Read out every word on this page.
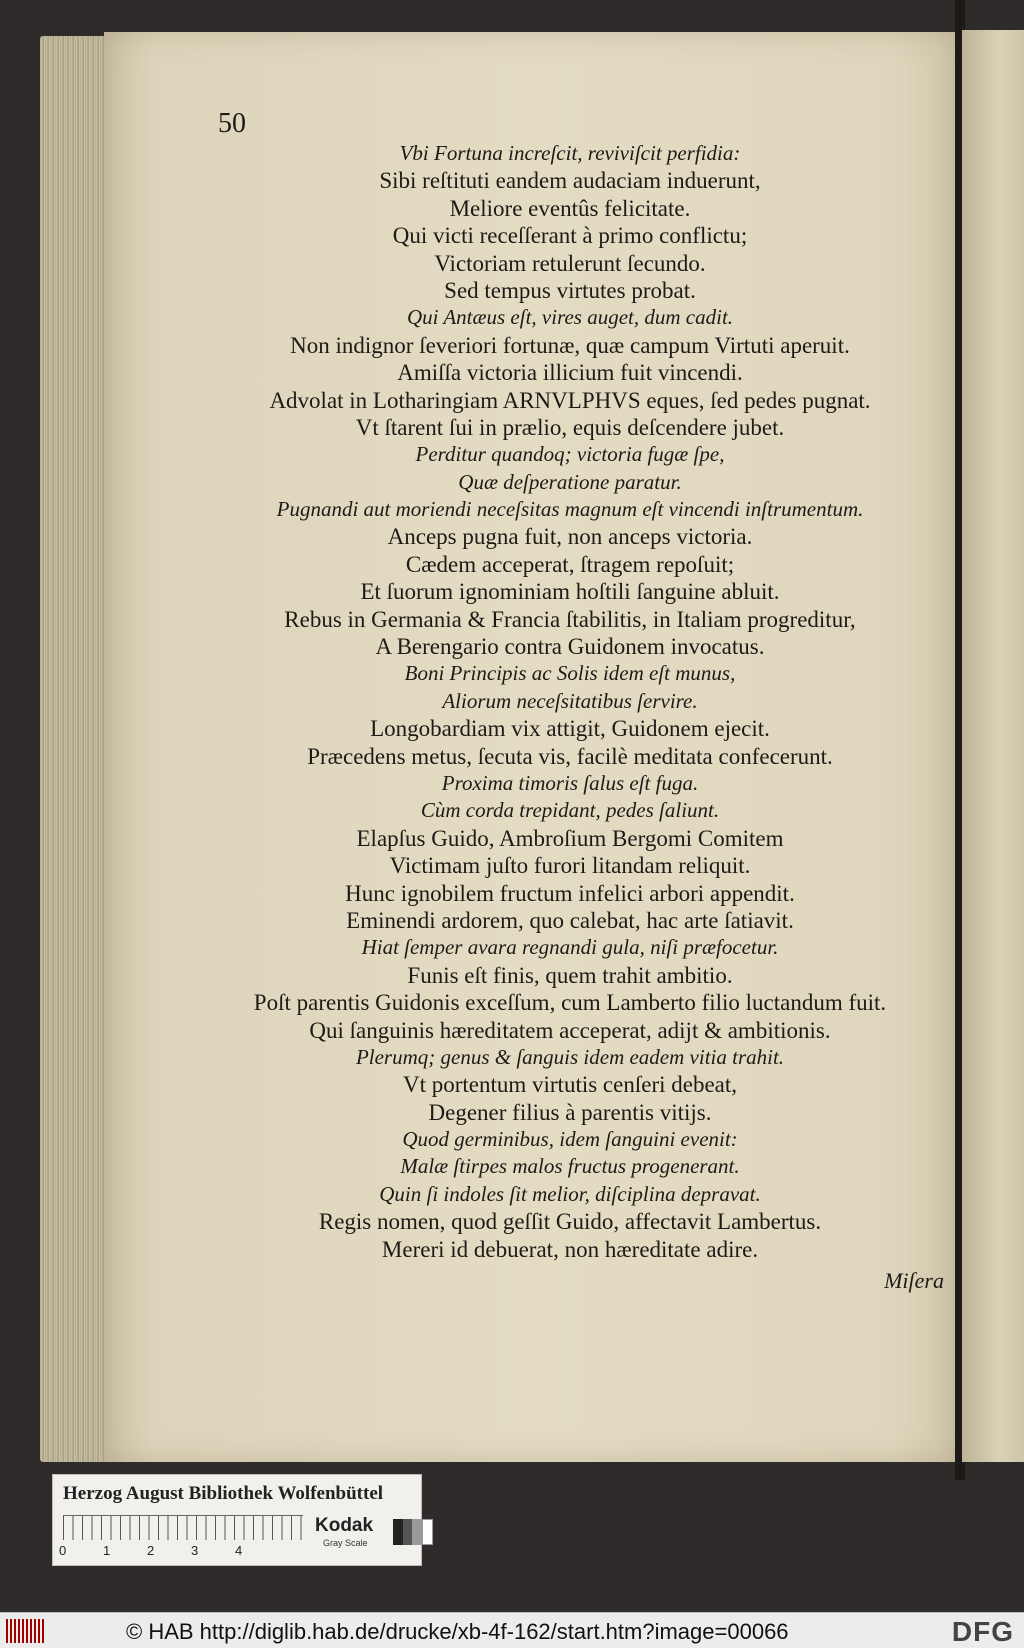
50
Vbi Fortuna increſcit, reviviſcit perfidia:
Sibi reſtituti eandem audaciam induerunt,
Meliore eventûs felicitate.
Qui victi receſſerant à primo conflictu;
Victoriam retulerunt ſecundo.
Sed tempus virtutes probat.
Qui Antæus eſt, vires auget, dum cadit.
Non indignor ſeveriori fortunæ, quæ campum Virtuti aperuit.
Amiſſa victoria illicium fuit vincendi.
Advolat in Lotharingiam ARNVLPHVS eques, ſed pedes pugnat.
Vt ſtarent ſui in prælio, equis deſcendere jubet.
Perditur quandoq; victoria fugæ ſpe,
Quæ deſperatione paratur.
Pugnandi aut moriendi neceſsitas magnum eſt vincendi inſtrumentum.
Anceps pugna fuit, non anceps victoria.
Cædem acceperat, ſtragem repoſuit;
Et ſuorum ignominiam hoſtili ſanguine abluit.
Rebus in Germania & Francia ſtabilitis, in Italiam progreditur,
A Berengario contra Guidonem invocatus.
Boni Principis ac Solis idem eſt munus,
Aliorum neceſsitatibus ſervire.
Longobardiam vix attigit, Guidonem ejecit.
Præcedens metus, ſecuta vis, facilè meditata confecerunt.
Proxima timoris ſalus eſt fuga.
Cùm corda trepidant, pedes ſaliunt.
Elapſus Guido, Ambroſium Bergomi Comitem
Victimam juſto furori litandam reliquit.
Hunc ignobilem fructum infelici arbori appendit.
Eminendi ardorem, quo calebat, hac arte ſatiavit.
Hiat ſemper avara regnandi gula, niſi præfocetur.
Funis eſt finis, quem trahit ambitio.
Poſt parentis Guidonis exceſſum, cum Lamberto filio luctandum fuit.
Qui ſanguinis hæreditatem acceperat, adijt & ambitionis.
Plerumq; genus & ſanguis idem eadem vitia trahit.
Vt portentum virtutis cenſeri debeat,
Degener filius à parentis vitijs.
Quod germinibus, idem ſanguini evenit:
Malæ ſtirpes malos fructus progenerant.
Quin ſi indoles ſit melior, diſciplina depravat.
Regis nomen, quod geſſit Guido, affectavit Lambertus.
Mereri id debuerat, non hæreditate adire.
Miſera
Herzog August Bibliothek Wolfenbüttel
0	1	2	3	4
Kodak
Gray Scale
© HAB http://diglib.hab.de/drucke/xb-4f-162/start.htm?image=00066	DFG
